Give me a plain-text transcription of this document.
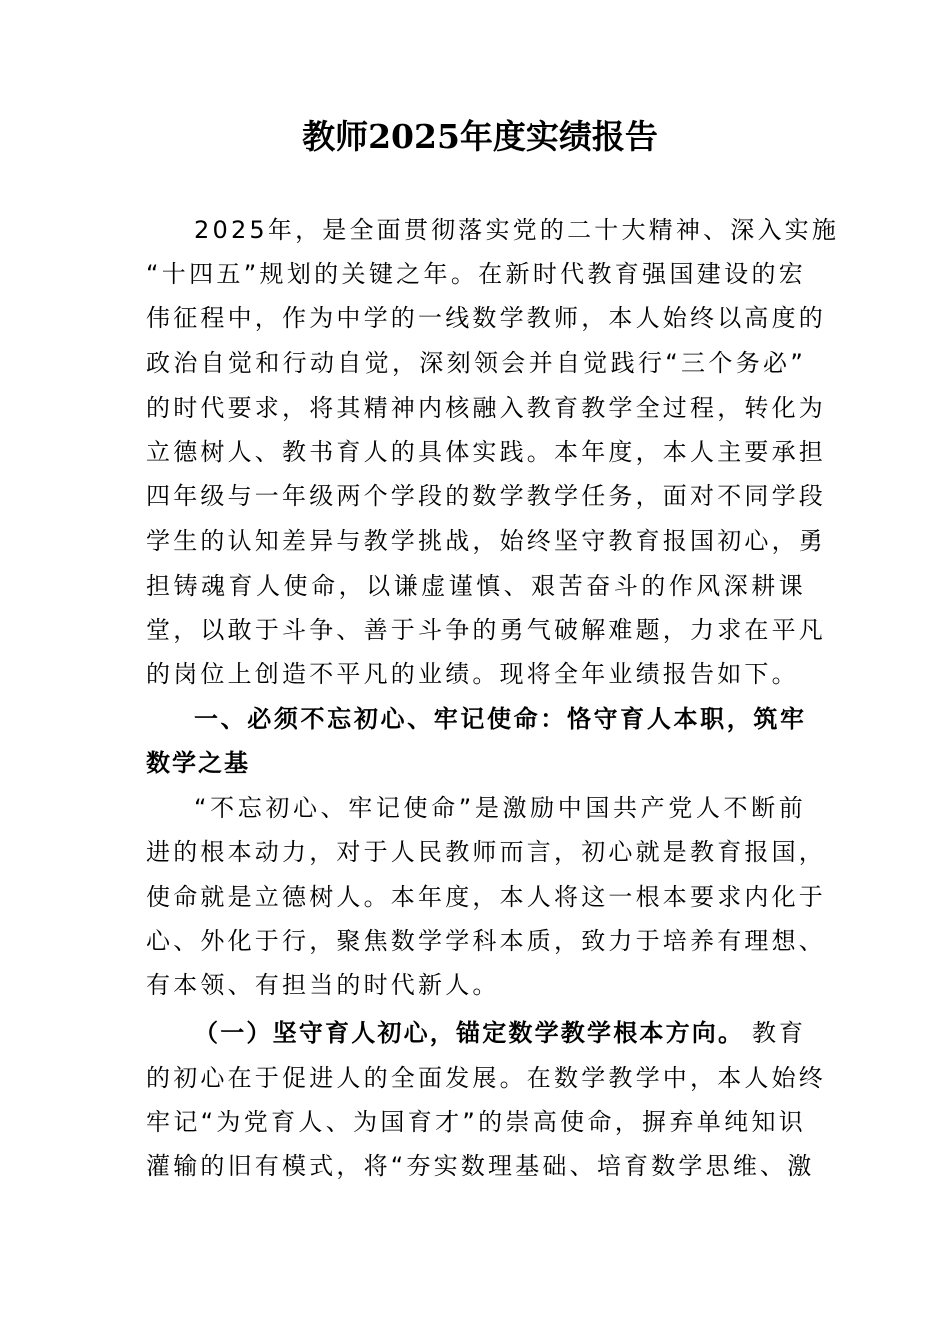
教师2025年度实绩报告
2025年，是全面贯彻落实党的二十大精神、深入实施
“十四五”规划的关键之年。在新时代教育强国建设的宏
伟征程中，作为中学的一线数学教师，本人始终以高度的
政治自觉和行动自觉，深刻领会并自觉践行“三个务必”
的时代要求，将其精神内核融入教育教学全过程，转化为
立德树人、教书育人的具体实践。本年度，本人主要承担
四年级与一年级两个学段的数学教学任务，面对不同学段
学生的认知差异与教学挑战，始终坚守教育报国初心，勇
担铸魂育人使命，以谦虚谨慎、艰苦奋斗的作风深耕课
堂，以敢于斗争、善于斗争的勇气破解难题，力求在平凡
的岗位上创造不平凡的业绩。现将全年业绩报告如下。
一、必须不忘初心、牢记使命：恪守育人本职，筑牢
数学之基
“不忘初心、牢记使命”是激励中国共产党人不断前
进的根本动力，对于人民教师而言，初心就是教育报国，
使命就是立德树人。本年度，本人将这一根本要求内化于
心、外化于行，聚焦数学学科本质，致力于培养有理想、
有本领、有担当的时代新人。
（一）坚守育人初心，锚定数学教学根本方向。 教育
的初心在于促进人的全面发展。在数学教学中，本人始终
牢记“为党育人、为国育才”的崇高使命，摒弃单纯知识
灌输的旧有模式，将“夯实数理基础、培育数学思维、激
